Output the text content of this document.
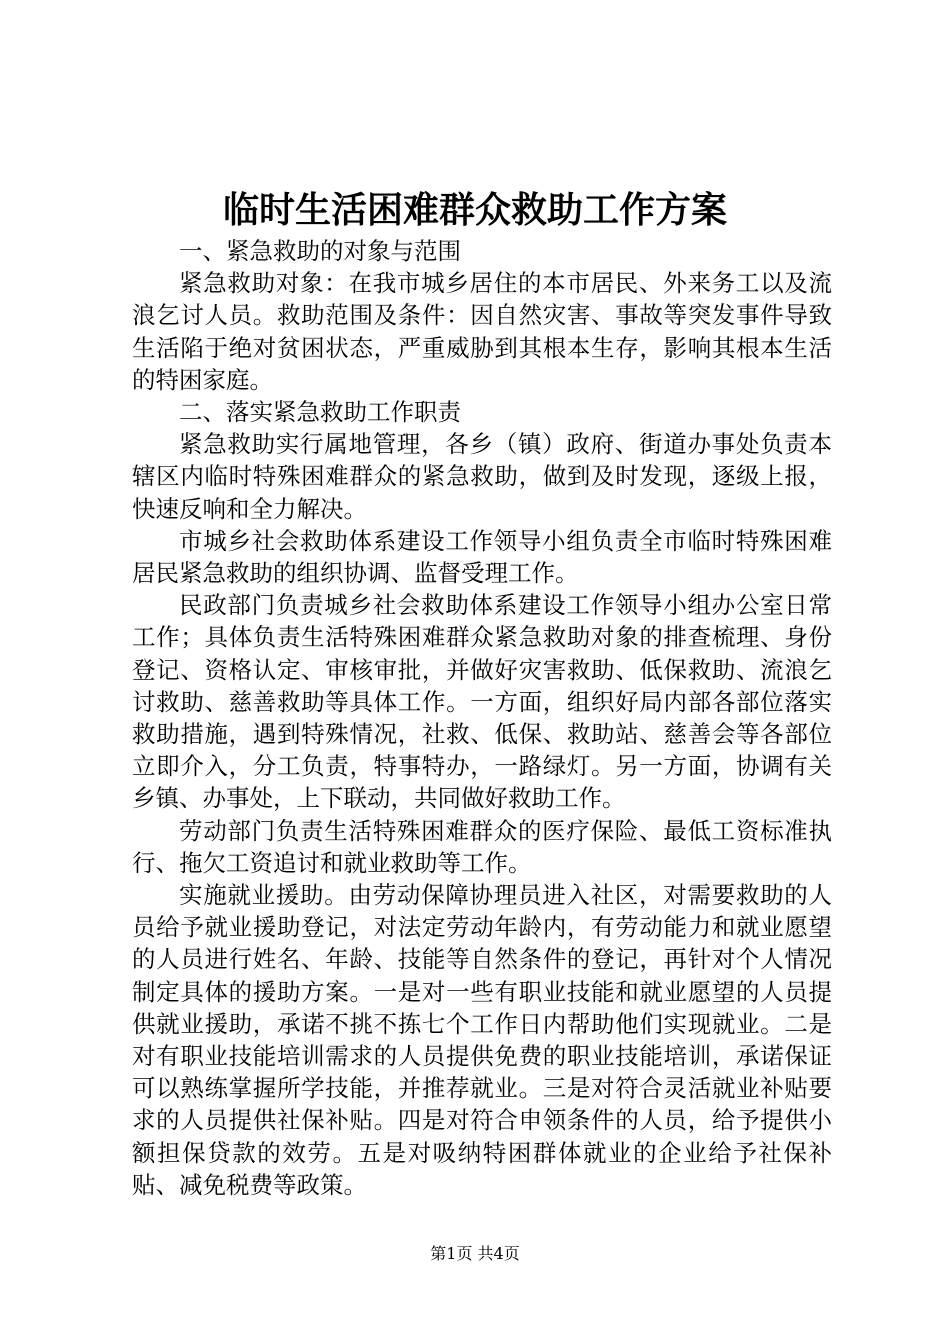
临时生活困难群众救助工作方案

一、紧急救助的对象与范围

紧急救助对象：在我市城乡居住的本市居民、外来务工以及流浪乞讨人员。救助范围及条件：因自然灾害、事故等突发事件导致生活陷于绝对贫困状态，严重威胁到其根本生存，影响其根本生活的特困家庭。

二、落实紧急救助工作职责

紧急救助实行属地管理，各乡（镇）政府、街道办事处负责本辖区内临时特殊困难群众的紧急救助，做到及时发现，逐级上报，快速反响和全力解决。

市城乡社会救助体系建设工作领导小组负责全市临时特殊困难居民紧急救助的组织协调、监督受理工作。

民政部门负责城乡社会救助体系建设工作领导小组办公室日常工作；具体负责生活特殊困难群众紧急救助对象的排查梳理、身份登记、资格认定、审核审批，并做好灾害救助、低保救助、流浪乞讨救助、慈善救助等具体工作。一方面，组织好局内部各部位落实救助措施，遇到特殊情况，社救、低保、救助站、慈善会等各部位立即介入，分工负责，特事特办，一路绿灯。另一方面，协调有关乡镇、办事处，上下联动，共同做好救助工作。

劳动部门负责生活特殊困难群众的医疗保险、最低工资标准执行、拖欠工资追讨和就业救助等工作。

实施就业援助。由劳动保障协理员进入社区，对需要救助的人员给予就业援助登记，对法定劳动年龄内，有劳动能力和就业愿望的人员进行姓名、年龄、技能等自然条件的登记，再针对个人情况制定具体的援助方案。一是对一些有职业技能和就业愿望的人员提供就业援助，承诺不挑不拣七个工作日内帮助他们实现就业。二是对有职业技能培训需求的人员提供免费的职业技能培训，承诺保证可以熟练掌握所学技能，并推荐就业。三是对符合灵活就业补贴要求的人员提供社保补贴。四是对符合申领条件的人员，给予提供小额担保贷款的效劳。五是对吸纳特困群体就业的企业给予社保补贴、减免税费等政策。

第1页 共4页
